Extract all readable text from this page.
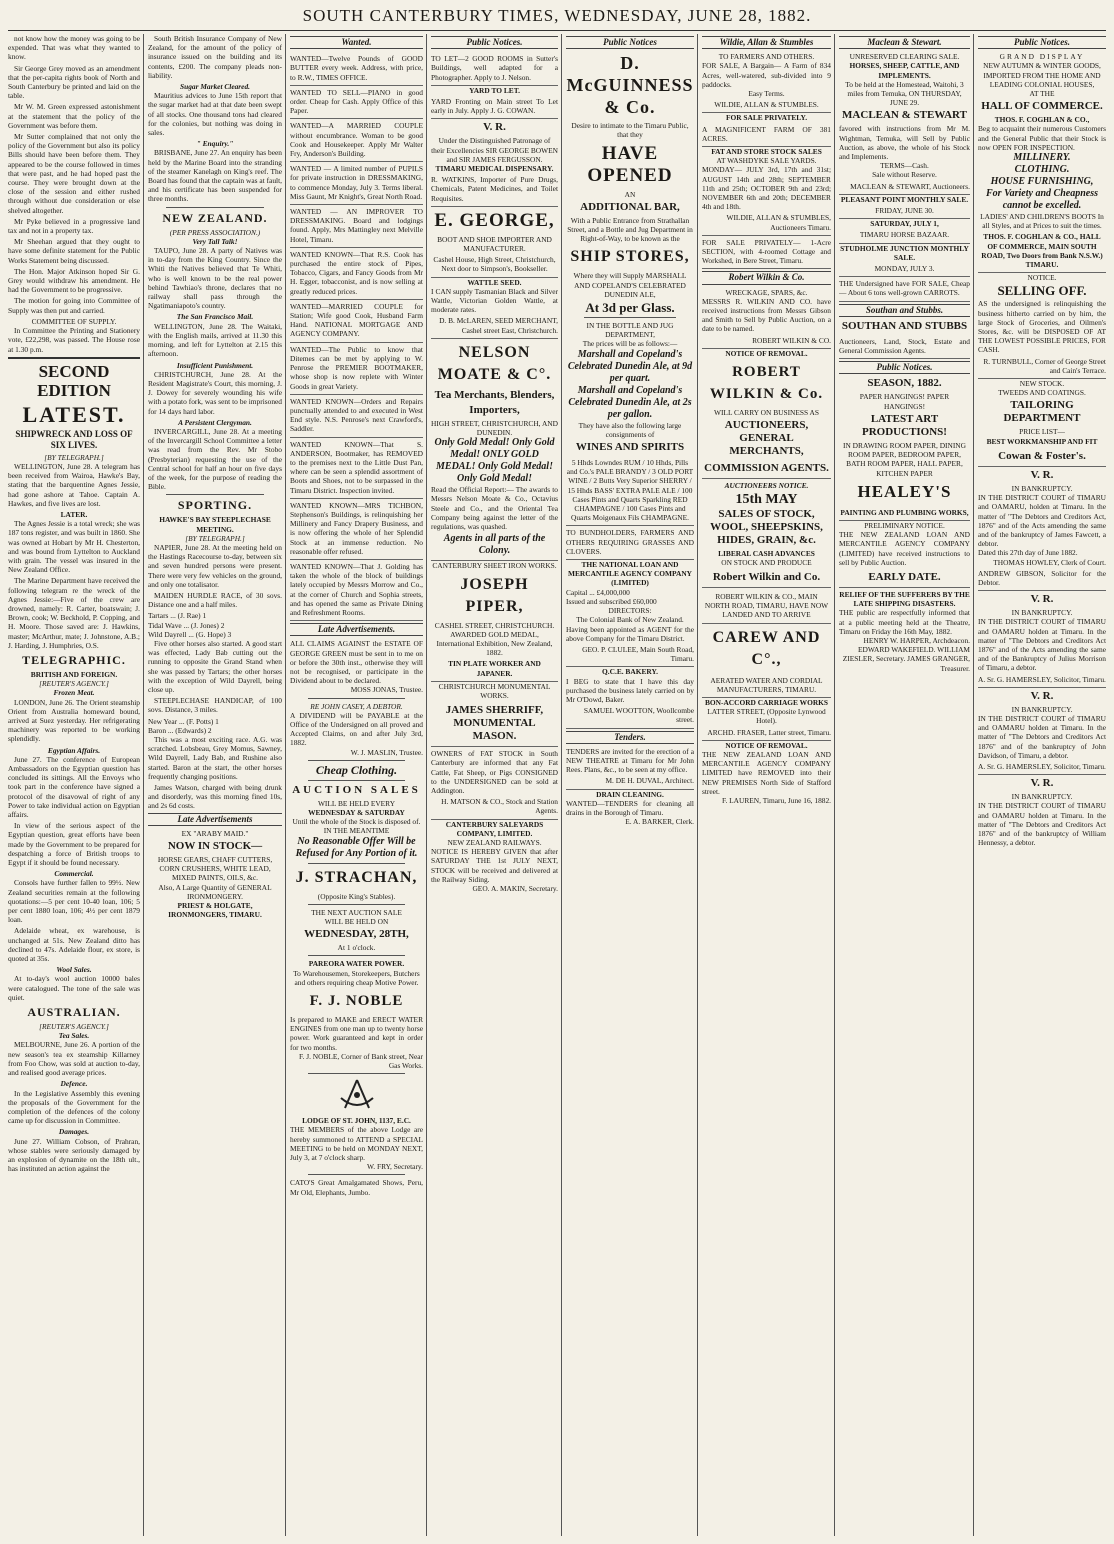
SOUTH CANTERBURY TIMES, WEDNESDAY, JUNE 28, 1882.

not know how the money was going to be expended. That was what they wanted to know.

Sir George Grey moved as an amendment that the per-capita rights book of North and South Canterbury be printed and laid on the table.

Mr W. M. Green expressed astonishment at the statement that the policy of the Government was before them.

Mr Sutter complained that not only the policy of the Government but also its policy Bills should have been before them. They appeared to be the course followed in times that were past, and he had hoped past the course. They were brought down at the close of the session and either rushed through without due consideration or else shelved altogether.

Mr Pyke believed in a progressive land tax and not in a property tax.

Mr Sheehan argued that they ought to have some definite statement for the Public Works Statement being discussed.

The Hon. Major Atkinson hoped Sir G. Grey would withdraw his amendment. He had the Government to be progressive.

The motion for going into Committee of Supply was then put and carried.

COMMITTEE OF SUPPLY.

In Committee the Printing and Stationery vote, £22,298, was passed. The House rose at 1.30 p.m.

SECOND EDITION
LATEST.
SHIPWRECK AND LOSS OF SIX LIVES.
[BY TELEGRAPH.]

WELLINGTON, June 28. A telegram has been received from Wairoa, Hawke's Bay, stating that the barquentine Agnes Jessie, had gone ashore at Tahoe. Captain A. Hawkes, and five lives are lost.

LATER.

The Agnes Jessie is a total wreck; she was 187 tons register, and was built in 1860. She was owned at Hobart by Mr H. Chesterton, and was bound from Lyttelton to Auckland with grain. The vessel was insured in the New Zealand Office.

The Marine Department have received the following telegram re the wreck of the Agnes Jessie:—Five of the crew are drowned, namely: R. Carter, boatswain; J. Brown, cook; W. Beckhold, P. Copping, and H. Moore. Those saved are: J. Hawkins, master; McArthur, mate; J. Johnstone, A.B.; J. Harding, J. Humphries, O.S.

TELEGRAPHIC.
BRITISH AND FOREIGN.
[REUTER'S AGENCY.]
Frozen Meat.

LONDON, June 26. The Orient steamship Orient from Australia homeward bound, arrived at Suez yesterday. Her refrigerating machinery was reported to be working splendidly.

Egyptian Affairs.

June 27. The conference of European Ambassadors on the Egyptian question has concluded its sittings. All the Envoys who took part in the conference have signed a protocol of the disavowal of right of any Power to take individual action on Egyptian affairs.

In view of the serious aspect of the Egyptian question, great efforts have been made by the Government to be prepared for despatching a force of British troops to Egypt if it should be found necessary.

Commercial.

Consols have further fallen to 99½. New Zealand securities remain at the following quotations:—5 per cent 10-40 loan, 106; 5 per cent 1880 loan, 106; 4½ per cent 1879 loan.

Adelaide wheat, ex warehouse, is unchanged at 51s. New Zealand ditto has declined to 47s. Adelaide flour, ex store, is quoted at 35s.

Wool Sales.

At to-day's wool auction 10000 bales were catalogued. The tone of the sale was quiet.

AUSTRALIAN.
[REUTER'S AGENCY.]
Tea Sales.

MELBOURNE, June 26. A portion of the new season's tea ex steamship Killarney from Foo Chow, was sold at auction to-day, and realised good average prices.

Defence.

In the Legislative Assembly this evening the proposals of the Government for the completion of the defences of the colony came up for discussion in Committee.

Damages.

June 27. William Cobson, of Prahran, whose stables were seriously damaged by an explosion of dynamite on the 18th ult., has instituted an action against the

South British Insurance Company of New Zealand, for the amount of the policy of insurance issued on the building and its contents, £200. The company pleads non-liability.

Sugar Market Cleared.

Mauritius advices to June 15th report that the sugar market had at that date been swept of all stocks. One thousand tons had cleared for the colonies, but nothing was doing in sales.

" Enquiry."

BRISBANE, June 27. An enquiry has been held by the Marine Board into the stranding of the steamer Kanelagh on King's reef. The Board has found that the captain was at fault, and his certificate has been suspended for three months.

NEW ZEALAND.
(PER PRESS ASSOCIATION.)
Very Tall Talk!

TAUPO, June 28. A party of Natives was in to-day from the King Country. Since the Whiti the Natives believed that Te Whiti, who is well known to be the real power behind Tawhiao's throne, declares that no railway shall pass through the Ngatimaniapoto's country.

The San Francisco Mail.

WELLINGTON, June 28. The Waitaki, with the English mails, arrived at 11.30 this morning, and left for Lyttelton at 2.15 this afternoon.

Insufficient Punishment.

CHRISTCHURCH, June 28. At the Resident Magistrate's Court, this morning, J. J. Dowey for severely wounding his wife with a potato fork, was sent to be imprisoned for 14 days hard labor.

A Persistent Clergyman.

INVERCARGILL, June 28. At a meeting of the Invercargill School Committee a letter was read from the Rev. Mr Stobo (Presbyterian) requesting the use of the Central school for half an hour on five days of the week, for the purpose of reading the Bible.

SPORTING.
HAWKE'S BAY STEEPLECHASE MEETING.
[BY TELEGRAPH.]

NAPIER, June 28. At the meeting held on the Hastings Racecourse to-day, between six and seven hundred persons were present. There were very few vehicles on the ground, and only one totalisator.

MAIDEN HURDLE RACE, of 30 sovs. Distance one and a half miles.

Tartars ... (J. Rae) 1
Tidal Wave ... (J. Jones) 2
Wild Dayrell ... (G. Hope) 3

Five other horses also started. A good start was effected, Lady Bab cutting out the running to opposite the Grand Stand when she was passed by Tartars; the other horses with the exception of Wild Dayrell, being close up.

STEEPLECHASE HANDICAP, of 100 sovs. Distance, 3 miles.

New Year ... (F. Potts) 1
Baron ... (Edwards) 2

This was a most exciting race. A.G. was scratched. Lobsbeau, Grey Momus, Sawney, Wild Dayrell, Lady Bab, and Rushine also started. Baron at the start, the other horses frequently changing positions.

James Watson, charged with being drunk and disorderly, was this morning fined 10s, and 2s 6d costs.

Late Advertisements
EX "ARABY MAID."
NOW IN STOCK—
HORSE GEARS, CHAFF CUTTERS, CORN CRUSHERS, WHITE LEAD, MIXED PAINTS, OILS, &c.
Also, A Large Quantity of GENERAL IRONMONGERY.
PRIEST & HOLGATE, IRONMONGERS, TIMARU.
Wanted.
WANTED—Twelve Pounds of GOOD BUTTER every week. Address, with price, to R.W., TIMES OFFICE.
WANTED TO SELL—PIANO in good order. Cheap for Cash. Apply Office of this Paper.
WANTED—A MARRIED COUPLE without encumbrance. Woman to be good Cook and Housekeeper. Apply Mr Walter Fry, Anderson's Building.
WANTED — A limited number of PUPILS for private instruction in DRESSMAKING, to commence Monday, July 3. Terms liberal. Miss Gaunt, Mr Knight's, Great North Road.
WANTED — AN IMPROVER TO DRESSMAKING. Board and lodgings found. Apply, Mrs Mattingley next Melville Hotel, Timaru.
WANTED KNOWN—That R.S. Cook has purchased the entire stock of Pipes, Tobacco, Cigars, and Fancy Goods from Mr H. Egger, tobacconist, and is now selling at greatly reduced prices.
WANTED—MARRIED COUPLE for Station; Wife good Cook, Husband Farm Hand. NATIONAL MORTGAGE AND AGENCY COMPANY.
WANTED—The Public to know that Ditemes can be met by applying to W. Penrose the PREMIER BOOTMAKER, whose shop is now replete with Winter Goods in great Variety.
WANTED KNOWN—Orders and Repairs punctually attended to and executed in West End style. N.S. Penrose's next Crawford's, Saddler.
WANTED KNOWN—That S. ANDERSON, Bootmaker, has REMOVED to the premises next to the Little Dust Pan, where can be seen a splendid assortment of Boots and Shoes, not to be surpassed in the Timaru District. Inspection invited.
WANTED KNOWN—MRS TICHBON, Stephenson's Buildings, is relinquishing her Millinery and Fancy Drapery Business, and is now offering the whole of her Splendid Stock at an immense reduction. No reasonable offer refused.
WANTED KNOWN—That J. Golding has taken the whole of the block of buildings lately occupied by Messrs Morrow and Co., at the corner of Church and Sophia streets, and has opened the same as Private Dining and Refreshment Rooms.
Late Advertisements.
ALL CLAIMS AGAINST the ESTATE OF GEORGE GREEN must be sent in to me on or before the 30th inst., otherwise they will not be recognised, or participate in the Dividend about to be declared.
MOSS JONAS, Trustee.
RE JOHN CASEY, A DEBTOR.
A DIVIDEND will be PAYABLE at the Office of the Undersigned on all proved and Accepted Claims, on and after July 3rd, 1882.
W. J. MASLIN, Trustee.
Cheap Clothing.
AUCTION SALES
WILL BE HELD EVERY
WEDNESDAY & SATURDAY
Until the whole of the Stock is disposed of.
IN THE MEANTIME
No Reasonable Offer Will be Refused for Any Portion of it.
J. STRACHAN,
(Opposite King's Stables).
THE NEXT AUCTION SALE
WILL BE HELD ON
WEDNESDAY, 28TH,
At 1 o'clock.
PAREORA WATER POWER.
To Warehousemen, Storekeepers, Butchers and others requiring cheap Motive Power.
F. J. NOBLE
Is prepared to MAKE and ERECT WATER ENGINES from one man up to twenty horse power. Work guaranteed and kept in order for two months.
F. J. NOBLE, Corner of Bank street, Near Gas Works.
LODGE OF ST. JOHN, 1137, E.C.
THE MEMBERS of the above Lodge are hereby summoned to ATTEND a SPECIAL MEETING to be held on MONDAY NEXT, July 3, at 7 o'clock sharp.
W. FRY, Secretary.
CATO'S Great Amalgamated Shows, Peru, Mr Old, Elephants, Jumbo.
Public Notices.
TO LET—2 GOOD ROOMS in Sutter's Buildings, well adapted for a Photographer. Apply to J. Nelson.
YARD TO LET.
YARD Fronting on Main street To Let early in July. Apply J. G. COWAN.
V. R.
Under the Distinguished Patronage of their Excellencies SIR GEORGE BOWEN and SIR JAMES FERGUSSON.
TIMARU MEDICAL DISPENSARY.
R. WATKINS, Importer of Pure Drugs, Chemicals, Patent Medicines, and Toilet Requisites.
E. GEORGE,
BOOT AND SHOE IMPORTER AND MANUFACTURER.
Cashel House, High Street, Christchurch, Next door to Simpson's, Bookseller.
WATTLE SEED.
I CAN supply Tasmanian Black and Silver Wattle, Victorian Golden Wattle, at moderate rates.
D. B. McLAREN, SEED MERCHANT, Cashel street East, Christchurch.
NELSON MOATE & C°.
Tea Merchants, Blenders,
Importers,
HIGH STREET, CHRISTCHURCH, AND DUNEDIN.
Only Gold Medal! Only Gold Medal! ONLY GOLD MEDAL! Only Gold Medal! Only Gold Medal!
Read the Official Report:— The awards to Messrs Nelson Moate & Co., Octavius Steele and Co., and the Oriental Tea Company being against the letter of the regulations, was quashed.
Agents in all parts of the Colony.
CANTERBURY SHEET IRON WORKS.
JOSEPH PIPER,
CASHEL STREET, CHRISTCHURCH.
AWARDED GOLD MEDAL, International Exhibition, New Zealand, 1882.
TIN PLATE WORKER AND JAPANER.
CHRISTCHURCH MONUMENTAL WORKS.
JAMES SHERRIFF, MONUMENTAL MASON.
OWNERS of FAT STOCK in South Canterbury are informed that any Fat Cattle, Fat Sheep, or Pigs CONSIGNED to the UNDERSIGNED can be sold at Addington.
H. MATSON & CO., Stock and Station Agents.
CANTERBURY SALEYARDS COMPANY, LIMITED.
NEW ZEALAND RAILWAYS.
NOTICE IS HEREBY GIVEN that after SATURDAY THE 1st JULY NEXT, STOCK will be received and delivered at the Railway Siding.
GEO. A. MAKIN, Secretary.
Public Notices
D. McGUINNESS & Co.
Desire to intimate to the Timaru Public, that they
HAVE OPENED
AN
ADDITIONAL BAR,
With a Public Entrance from Strathallan Street, and a Bottle and Jug Department in Right-of-Way, to be known as the
SHIP STORES,
Where they will Supply MARSHALL AND COPELAND'S CELEBRATED DUNEDIN ALE,
At 3d per Glass.
IN THE BOTTLE AND JUG DEPARTMENT,
The prices will be as follows:—
Marshall and Copeland's Celebrated Dunedin Ale, at 9d per quart.
Marshall and Copeland's Celebrated Dunedin Ale, at 2s per gallon.
They have also the following large consignments of
WINES AND SPIRITS
5 Hhds Lowndes RUM / 10 Hhds, Pills and Co.'s PALE BRANDY / 3 OLD PORT WINE / 2 Butts Very Superior SHERRY / 15 Hhds BASS' EXTRA PALE ALE / 100 Cases Pints and Quarts Sparkling RED CHAMPAGNE / 100 Cases Pints and Quarts Moigenaux Fils CHAMPAGNE.
TO BUNDHOLDERS, FARMERS AND OTHERS REQUIRING GRASSES AND CLOVERS.
THE NATIONAL LOAN AND MERCANTILE AGENCY COMPANY (LIMITED)
Capital ... £4,000,000
Issued and subscribed £60,000
DIRECTORS:
The Colonial Bank of New Zealand.
Having been appointed as AGENT for the above Company for the Timaru District.
GEO. P. CLULEE, Main South Road, Timaru.
Q.C.E. BAKERY.
I BEG to state that I have this day purchased the business lately carried on by Mr O'Dowd, Baker.
SAMUEL WOOTTON, Woollcombe street.
Tenders.
TENDERS are invited for the erection of a NEW THEATRE at Timaru for Mr John Rees. Plans, &c., to be seen at my office.
M. DE H. DUVAL, Architect.
DRAIN CLEANING.
WANTED—TENDERS for cleaning all drains in the Borough of Timaru.
E. A. BARKER, Clerk.
Wildie, Allan & Stumbles
TO FARMERS AND OTHERS.
FOR SALE, A Bargain— A Farm of 834 Acres, well-watered, sub-divided into 9 paddocks.
Easy Terms.
WILDIE, ALLAN & STUMBLES.
FOR SALE PRIVATELY.
A MAGNIFICENT FARM OF 381 ACRES.
FAT AND STORE STOCK SALES
AT WASHDYKE SALE YARDS.
MONDAY— JULY 3rd, 17th and 31st; AUGUST 14th and 28th; SEPTEMBER 11th and 25th; OCTOBER 9th and 23rd; NOVEMBER 6th and 20th; DECEMBER 4th and 18th.
WILDIE, ALLAN & STUMBLES, Auctioneers Timaru.
FOR SALE PRIVATELY— 1-Acre SECTION, with 4-roomed Cottage and Workshed, in Bere Street, Timaru.
Robert Wilkin & Co.
WRECKAGE, SPARS, &c.
MESSRS R. WILKIN AND CO. have received instructions from Messrs Gibson and Smith to Sell by Public Auction, on a date to be named.
ROBERT WILKIN & CO.
NOTICE OF REMOVAL.
ROBERT WILKIN & Co.
WILL CARRY ON BUSINESS AS
AUCTIONEERS, GENERAL MERCHANTS,
COMMISSION AGENTS.
AUCTIONEERS NOTICE.
15th MAY
SALES OF STOCK, WOOL, SHEEPSKINS, HIDES, GRAIN, &c.
LIBERAL CASH ADVANCES
ON STOCK AND PRODUCE
Robert Wilkin and Co.
ROBERT WILKIN & CO., MAIN NORTH ROAD, TIMARU, HAVE NOW LANDED AND TO ARRIVE
CAREW AND C°.,
AERATED WATER AND CORDIAL MANUFACTURERS, TIMARU.
BON-ACCORD CARRIAGE WORKS
LATTER STREET, (Opposite Lynwood Hotel).
ARCHD. FRASER, Latter street, Timaru.
NOTICE OF REMOVAL.
THE NEW ZEALAND LOAN AND MERCANTILE AGENCY COMPANY LIMITED have REMOVED into their NEW PREMISES North Side of Stafford street.
F. LAUREN, Timaru, June 16, 1882.
Maclean & Stewart.
UNRESERVED CLEARING SALE.
HORSES, SHEEP, CATTLE, AND IMPLEMENTS.
To be held at the Homestead, Waitohi, 3 miles from Temuka, ON THURSDAY, JUNE 29.
MACLEAN & STEWART
favored with instructions from Mr M. Wightman, Temuka, will Sell by Public Auction, as above, the whole of his Stock and Implements.
TERMS—Cash.
Sale without Reserve.
MACLEAN & STEWART, Auctioneers.
PLEASANT POINT MONTHLY SALE.
FRIDAY, JUNE 30.
SATURDAY, JULY 1,
TIMARU HORSE BAZAAR.
STUDHOLME JUNCTION MONTHLY SALE.
MONDAY, JULY 3.
THE Undersigned have FOR SALE, Cheap— About 6 tons well-grown CARROTS.
Southan and Stubbs.
SOUTHAN AND STUBBS
Auctioneers, Land, Stock, Estate and General Commission Agents.
Public Notices.
SEASON, 1882.
PAPER HANGINGS! PAPER HANGINGS!
LATEST ART PRODUCTIONS!
IN DRAWING ROOM PAPER, DINING ROOM PAPER, BEDROOM PAPER, BATH ROOM PAPER, HALL PAPER, KITCHEN PAPER
HEALEY'S
PAINTING AND PLUMBING WORKS,
PRELIMINARY NOTICE.
THE NEW ZEALAND LOAN AND MERCANTILE AGENCY COMPANY (LIMITED) have received instructions to sell by Public Auction.
EARLY DATE.
RELIEF OF THE SUFFERERS BY THE LATE SHIPPING DISASTERS.
THE public are respectfully informed that at a public meeting held at the Theatre, Timaru on Friday the 16th May, 1882.
HENRY W. HARPER, Archdeacon. EDWARD WAKEFIELD. WILLIAM ZIESLER, Secretary. JAMES GRANGER, Treasurer.
Public Notices.
GRAND DISPLAY
NEW AUTUMN & WINTER GOODS, IMPORTED FROM THE HOME AND LEADING COLONIAL HOUSES,
AT THE
HALL OF COMMERCE.
THOS. F. COGHLAN & CO.,
Beg to acquaint their numerous Customers and the General Public that their Stock is now OPEN FOR INSPECTION.
MILLINERY.
CLOTHING.
HOUSE FURNISHING,
For Variety and Cheapness cannot be excelled.
LADIES' AND CHILDREN'S BOOTS In all Styles, and at Prices to suit the times.
THOS. F. COGHLAN & CO., HALL OF COMMERCE, MAIN SOUTH ROAD, Two Doors from Bank N.S.W.) TIMARU.
NOTICE.
SELLING OFF.
AS the undersigned is relinquishing the business hitherto carried on by him, the large Stock of Groceries, and Oilmen's Stores, &c. will be DISPOSED OF AT THE LOWEST POSSIBLE PRICES, FOR CASH.
R. TURNBULL, Corner of George Street and Cain's Terrace.
NEW STOCK.
TWEEDS AND COATINGS.
TAILORING DEPARTMENT
PRICE LIST—
BEST WORKMANSHIP AND FIT
Cowan & Foster's.
V. R.
IN BANKRUPTCY.
IN THE DISTRICT COURT of TIMARU and OAMARU, holden at Timaru. In the matter of "The Debtors and Creditors Act, 1876" and of the Acts amending the same and of the bankruptcy of James Fawcett, a debtor.
Dated this 27th day of June 1882.
THOMAS HOWLEY, Clerk of Court.
ANDREW GIBSON, Solicitor for the Debtor.
V. R.
IN BANKRUPTCY.
IN THE DISTRICT COURT of TIMARU and OAMARU holden at Timaru. In the matter of "The Debtors and Creditors Act 1876" and of the Acts amending the same and of the Bankruptcy of Julius Morrison of Timaru, a debtor.
A. Sr. G. HAMERSLEY, Solicitor, Timaru.
V. R.
IN BANKRUPTCY.
IN THE DISTRICT COURT of TIMARU and OAMARU holden at Timaru. In the matter of "The Debtors and Creditors Act 1876" and of the bankruptcy of John Davidson, of Timaru, a debtor.
A. Sr. G. HAMERSLEY, Solicitor, Timaru.
V. R.
IN BANKRUPTCY.
IN THE DISTRICT COURT of TIMARU and OAMARU holden at Timaru. In the matter of "The Debtors and Creditors Act 1876" and of the bankruptcy of William Hennessy, a debtor.
